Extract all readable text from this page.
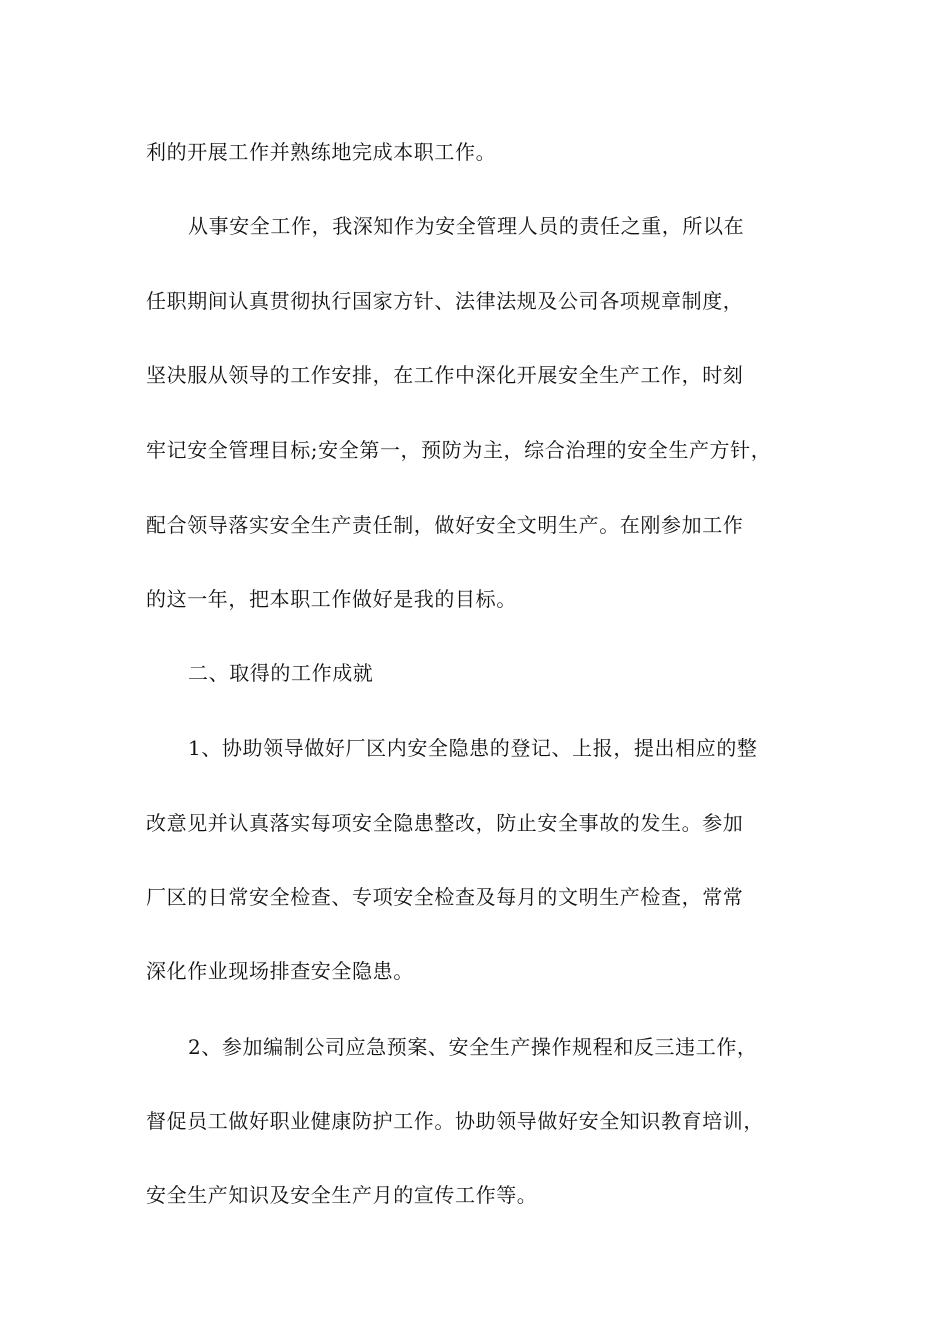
利的开展工作并熟练地完成本职工作。
从事安全工作，我深知作为安全管理人员的责任之重，所以在
任职期间认真贯彻执行国家方针、法律法规及公司各项规章制度，
坚决服从领导的工作安排，在工作中深化开展安全生产工作，时刻
牢记安全管理目标;安全第一，预防为主，综合治理的安全生产方针，
配合领导落实安全生产责任制，做好安全文明生产。在刚参加工作
的这一年，把本职工作做好是我的目标。
二、取得的工作成就
1、协助领导做好厂区内安全隐患的登记、上报，提出相应的整
改意见并认真落实每项安全隐患整改，防止安全事故的发生。参加
厂区的日常安全检查、专项安全检查及每月的文明生产检查，常常
深化作业现场排查安全隐患。
2、参加编制公司应急预案、安全生产操作规程和反三违工作，
督促员工做好职业健康防护工作。协助领导做好安全知识教育培训，
安全生产知识及安全生产月的宣传工作等。
